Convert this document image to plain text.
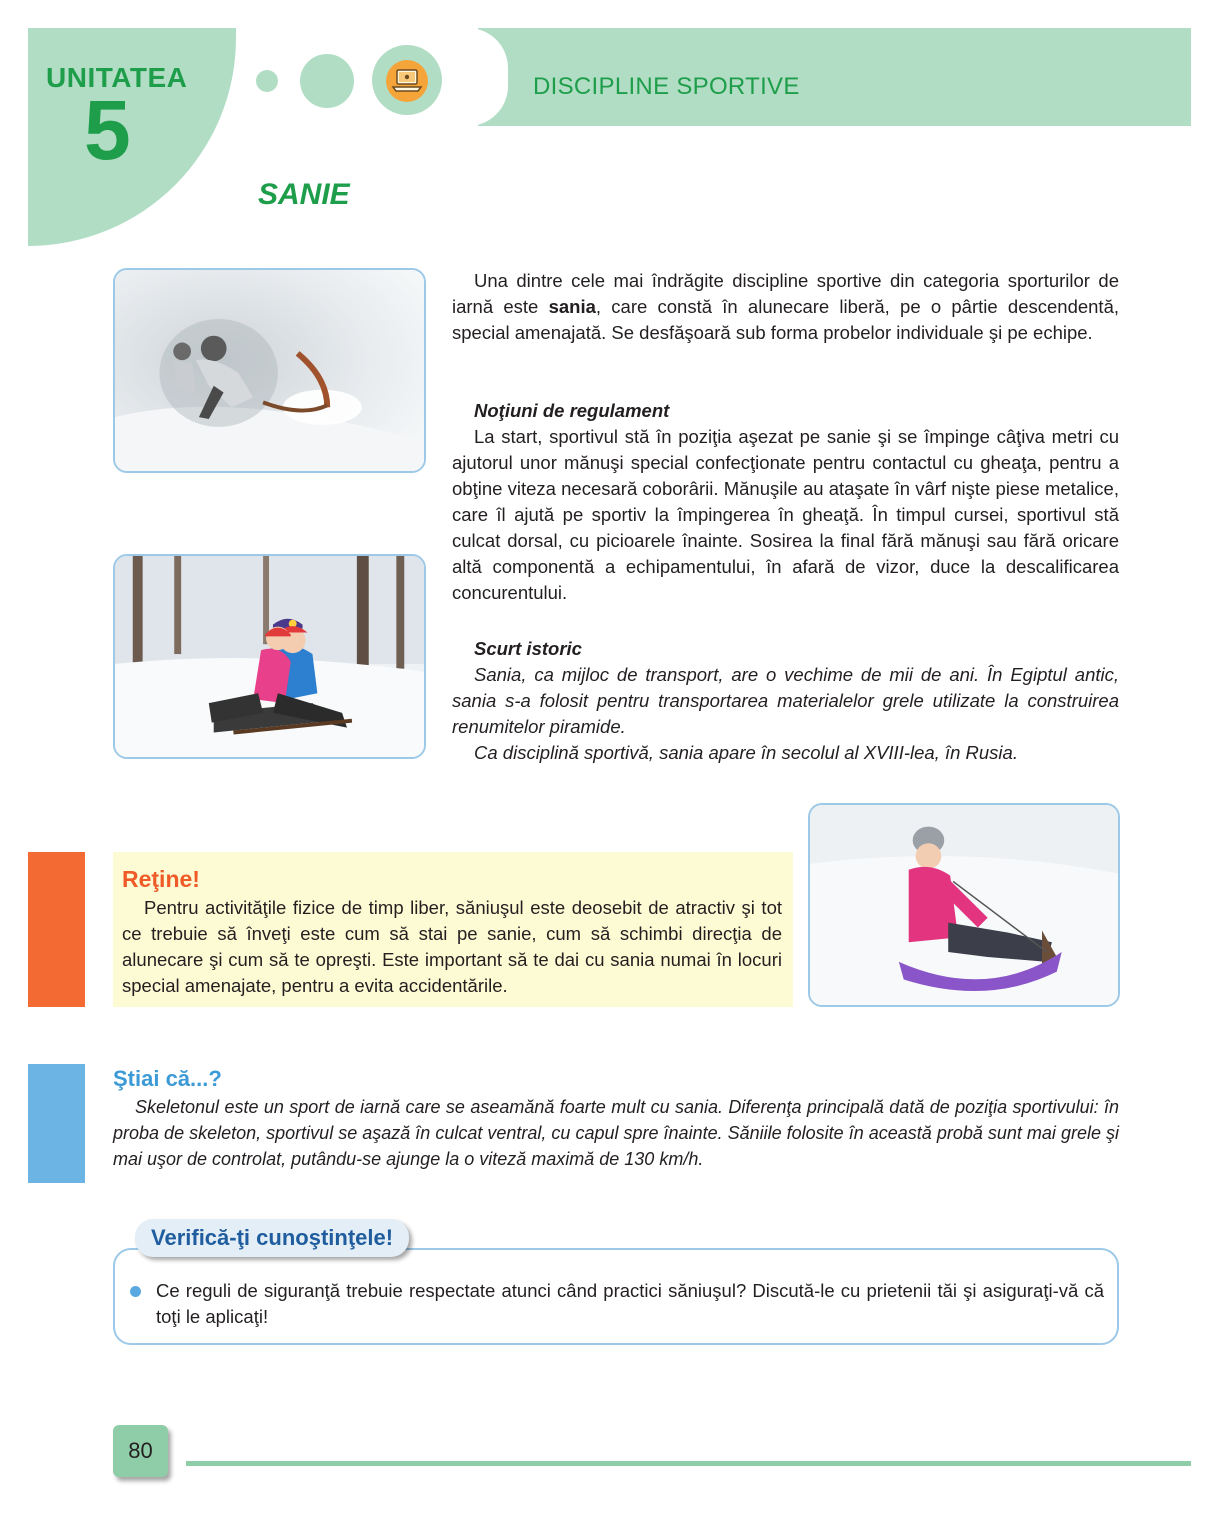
UNITATEA
5	DISCIPLINE SPORTIVE
SANIE

Una dintre cele mai îndrăgite discipline sportive din categoria sporturilor de iarnă este sania, care constă în alunecare liberă, pe o pârtie descendentă, special amenajată. Se desfăşoară sub forma probelor individuale şi pe echipe.

Noţiuni de regulament

La start, sportivul stă în poziţia aşezat pe sanie şi se împinge câţiva metri cu ajutorul unor mănuşi special confecţionate pentru contactul cu gheaţa, pentru a obţine viteza necesară coborârii. Mănuşile au ataşate în vârf nişte piese metalice, care îl ajută pe sportiv la împingerea în gheaţă. În timpul cursei, sportivul stă culcat dorsal, cu picioarele înainte. Sosirea la final fără mănuşi sau fără oricare altă componentă a echipamentului, în afară de vizor, duce la descalificarea concurentului.

Scurt istoric

Sania, ca mijloc de transport, are o vechime de mii de ani. În Egiptul antic, sania s-a folosit pentru transportarea materialelor grele utilizate la construirea renumitelor piramide.

Ca disciplină sportivă, sania apare în secolul al XVIII-lea, în Rusia.

Reţine!

Pentru activităţile fizice de timp liber, săniuşul este deosebit de atractiv şi tot ce trebuie să înveţi este cum să stai pe sanie, cum să schimbi direcţia de alunecare şi cum să te opreşti. Este important să te dai cu sania numai în locuri special amenajate, pentru a evita accidentările.

Ştiai că...?

Skeletonul este un sport de iarnă care se aseamănă foarte mult cu sania. Diferenţa principală dată de poziţia sportivului: în proba de skeleton, sportivul se aşază în culcat ventral, cu capul spre înainte. Săniile folosite în această probă sunt mai grele şi mai uşor de controlat, putându-se ajunge la o viteză maximă de 130 km/h.

Verifică-ţi cunoştinţele!

Ce reguli de siguranţă trebuie respectate atunci când practici săniuşul? Discută-le cu prietenii tăi şi asiguraţi-vă că toţi le aplicaţi!

80
